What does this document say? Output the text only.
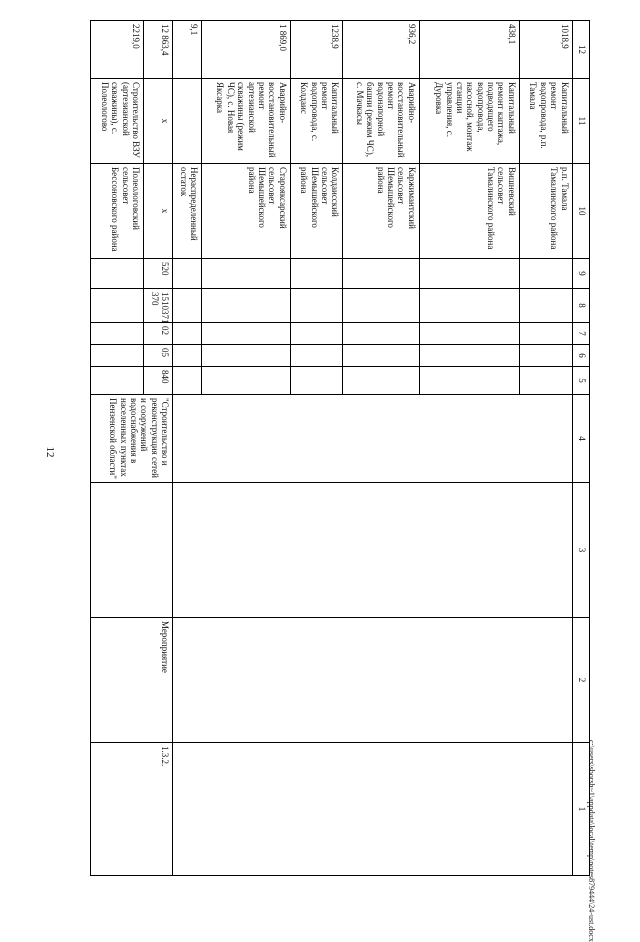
12
c:\users\sborsh~1\appdata\local\temp\notes879444\24-ust.docx
12	11	10	9	8	7	6	5	4	3	2	1
1018,9	Капитальный ремонт водопровода, р.п. Тамала	р.п. Тамала Тамалинского района									
438,1	Капитальный ремонт каптажа, подводящего водопровода, насосной, монтаж станции управления, с. Дуровка	Вишневский сельсовет Тамалинского района									
936,2	Аварийно-восстановительный ремонт водонапорной башни (режим ЧС), с. Мачкасы	Каржимантский сельсовет Шемышейского района									
1238,9	Капитальный ремонт водопровода, с. Колдаис	Колдаисский сельсовет Шемышейского района									
1 869,0	Аварийно-восстановительный ремонт артезианской скважины (режим ЧС), с. Новая Яксарка	Старояксарский сельсовет Шемышейского района									
9,1		Нераспределенный остаток									
12 863,4	х	х	520	1510371 370	02	05	840	"Строительство и реконструкция сетей и сооружений водоснабжения в населенных пунктах Пензенской области"		Мероприятие	1.3.2.
2219,0	Строительство ВЗУ (артезианской скважины), с. Полеологово	Полеологовский сельсовет Бессоновского района									
